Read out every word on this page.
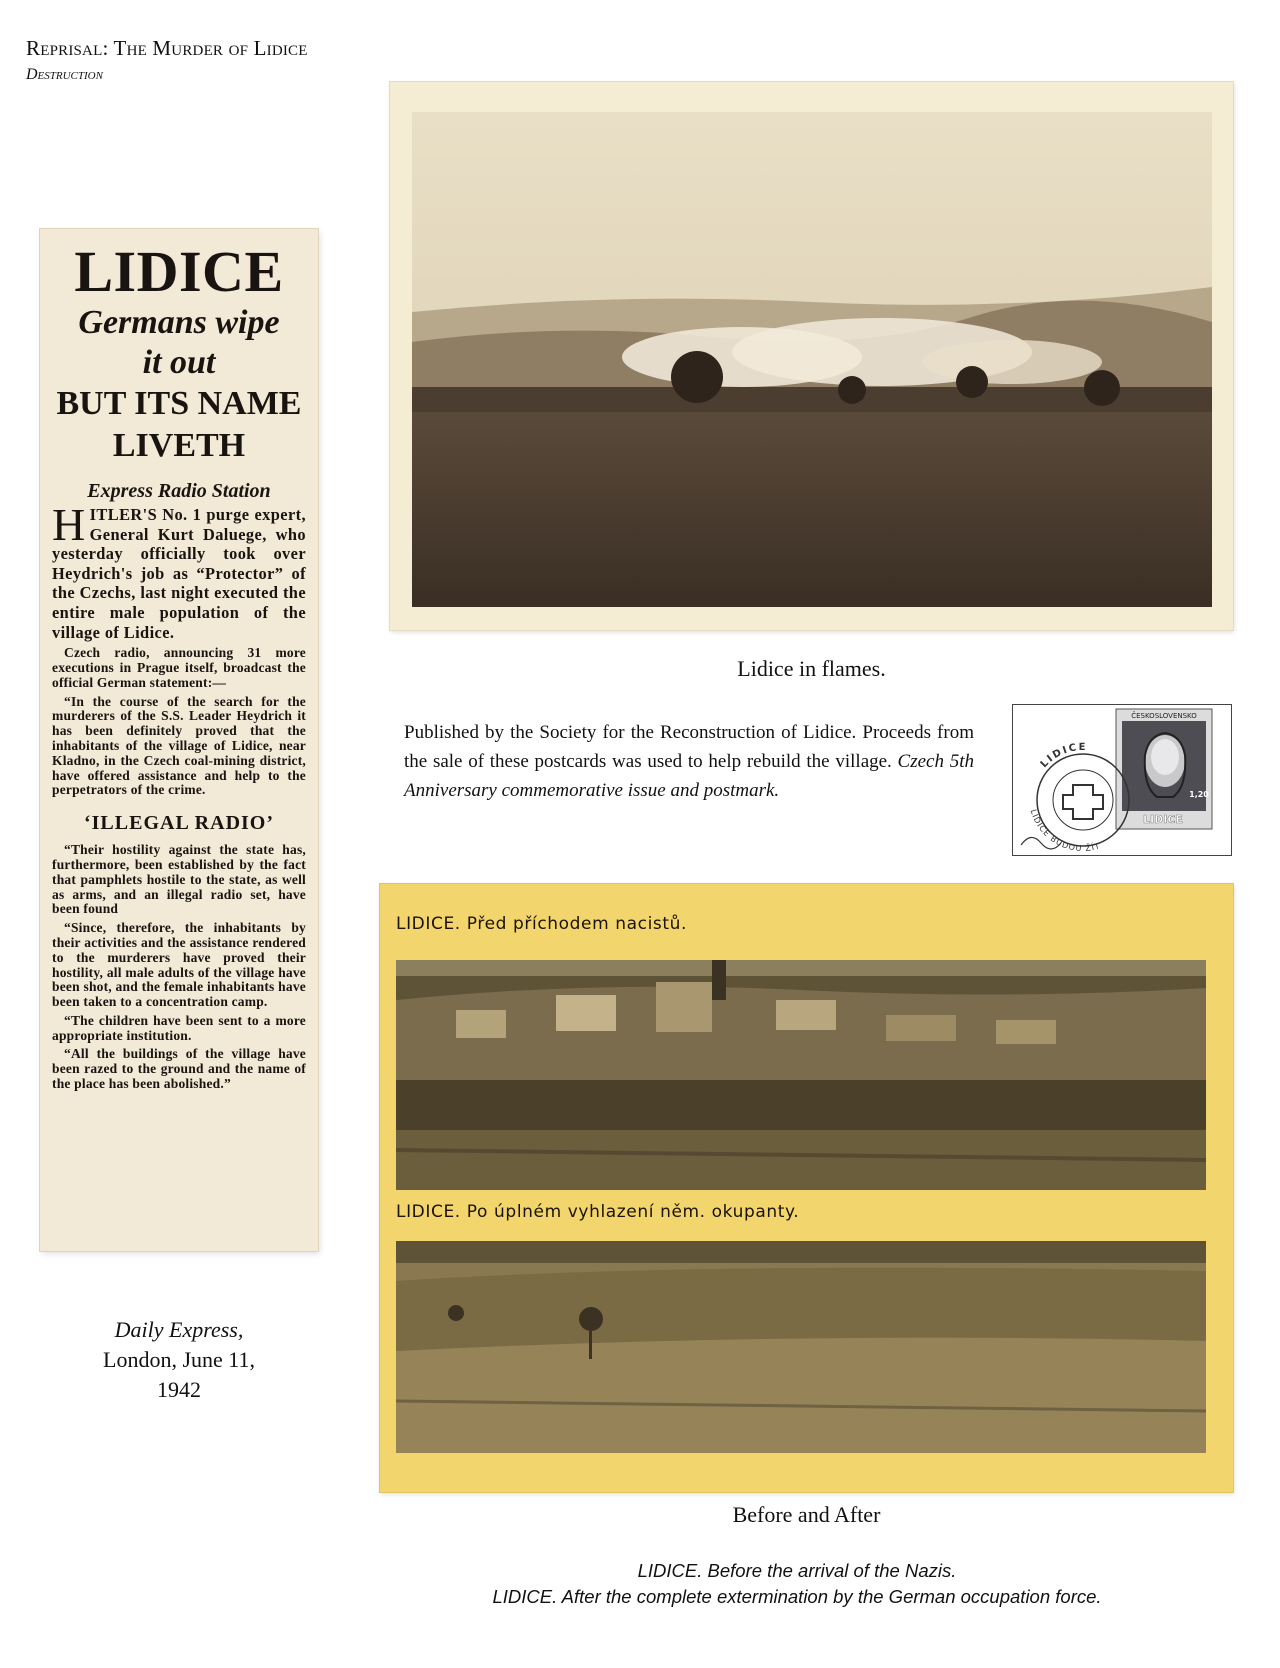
Reprisal: The Murder of Lidice
Destruction
LIDICE
Germans wipe
it out
BUT ITS NAME
LIVETH
Express Radio Station
HITLER'S No. 1 purge expert, General Kurt Daluege, who yesterday officially took over Heydrich's job as “Protector” of the Czechs, last night executed the entire male population of the village of Lidice.

Czech radio, announcing 31 more executions in Prague itself, broadcast the official German statement:—

“In the course of the search for the murderers of the S.S. Leader Heydrich it has been definitely proved that the inhabitants of the village of Lidice, near Kladno, in the Czech coal-mining district, have offered assistance and help to the perpetrators of the crime.

‘ILLEGAL RADIO’

“Their hostility against the state has, furthermore, been established by the fact that pamphlets hostile to the state, as well as arms, and an illegal radio set, have been found

“Since, therefore, the inhabitants by their activities and the assistance rendered to the murderers have proved their hostility, all male adults of the village have been shot, and the female inhabitants have been taken to a concentration camp.

“The children have been sent to a more appropriate institution.

“All the buildings of the village have been razed to the ground and the name of the place has been abolished.”

Daily Express,
London, June 11,
1942
Lidice in flames.
Published by the Society for the Reconstruction of Lidice. Proceeds from the sale of these postcards was used to help rebuild the village. Czech 5th Anniversary commemorative issue and postmark.
ČESKOSLOVENSKO
1,20
LIDICE
LIDICE
LIDICE BUDOU ŽÍT
LIDICE. Před příchodem nacistů.
LIDICE. Po úplném vyhlazení něm. okupanty.
Before and After
LIDICE. Before the arrival of the Nazis.
LIDICE. After the complete extermination by the German occupation force.
